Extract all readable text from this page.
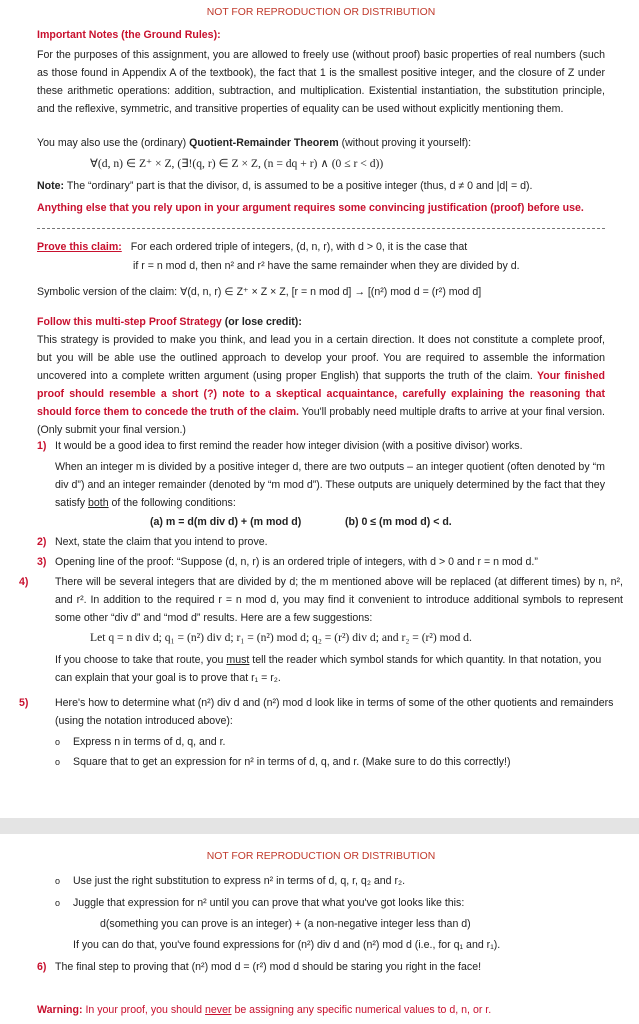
NOT FOR REPRODUCTION OR DISTRIBUTION
Important Notes (the Ground Rules):
For the purposes of this assignment, you are allowed to freely use (without proof) basic properties of real numbers (such as those found in Appendix A of the textbook), the fact that 1 is the smallest positive integer, and the closure of Z under these arithmetic operations: addition, subtraction, and multiplication. Existential instantiation, the substitution principle, and the reflexive, symmetric, and transitive properties of equality can be used without explicitly mentioning them.
You may also use the (ordinary) Quotient-Remainder Theorem (without proving it yourself):
∀(d, n) ∈ Z⁺ × Z, (∃!(q, r) ∈ Z × Z, (n = dq + r) ∧ (0 ≤ r < d))
Note: The “ordinary” part is that the divisor, d, is assumed to be a positive integer (thus, d ≠ 0 and |d| = d).
Anything else that you rely upon in your argument requires some convincing justification (proof) before use.
Prove this claim: For each ordered triple of integers, (d, n, r), with d > 0, it is the case that
if r = n mod d, then n² and r² have the same remainder when they are divided by d.
Symbolic version of the claim: ∀(d, n, r) ∈ Z⁺ × Z × Z, [r = n mod d] → [(n²) mod d = (r²) mod d]
Follow this multi-step Proof Strategy (or lose credit):
This strategy is provided to make you think, and lead you in a certain direction. It does not constitute a complete proof, but you will be able use the outlined approach to develop your proof. You are required to assemble the information uncovered into a complete written argument (using proper English) that supports the truth of the claim. Your finished proof should resemble a short (?) note to a skeptical acquaintance, carefully explaining the reasoning that should force them to concede the truth of the claim. You'll probably need multiple drafts to arrive at your final version. (Only submit your final version.)
1) It would be a good idea to first remind the reader how integer division (with a positive divisor) works.
When an integer m is divided by a positive integer d, there are two outputs – an integer quotient (often denoted by “m div d”) and an integer remainder (denoted by “m mod d”). These outputs are uniquely determined by the fact that they satisfy both of the following conditions:
(a) m = d(m div d) + (m mod d)	(b) 0 ≤ (m mod d) < d.
2) Next, state the claim that you intend to prove.
3) Opening line of the proof: “Suppose (d, n, r) is an ordered triple of integers, with d > 0 and r = n mod d.”
4)	There will be several integers that are divided by d; the m mentioned above will be replaced (at different times) by n, n², and r². In addition to the required r = n mod d, you may find it convenient to introduce additional symbols to represent some other “div d” and “mod d” results. Here are a few suggestions:
Let q = n div d; q₁ = (n²) div d; r₁ = (n²) mod d; q₂ = (r²) div d; and r₂ = (r²) mod d.
If you choose to take that route, you must tell the reader which symbol stands for which quantity. In that notation, you can explain that your goal is to prove that r₁ = r₂.
5)	Here's how to determine what (n²) div d and (n²) mod d look like in terms of some of the other quotients and remainders (using the notation introduced above):
o Express n in terms of d, q, and r.
o Square that to get an expression for n² in terms of d, q, and r. (Make sure to do this correctly!)
NOT FOR REPRODUCTION OR DISTRIBUTION
o Use just the right substitution to express n² in terms of d, q, r, q₂ and r₂.
o Juggle that expression for n² until you can prove that what you've got looks like this:
d(something you can prove is an integer) + (a non-negative integer less than d)
If you can do that, you've found expressions for (n²) div d and (n²) mod d (i.e., for q₁ and r₁).
6) The final step to proving that (n²) mod d = (r²) mod d should be staring you right in the face!
Warning: In your proof, you should never be assigning any specific numerical values to d, n, or r.
